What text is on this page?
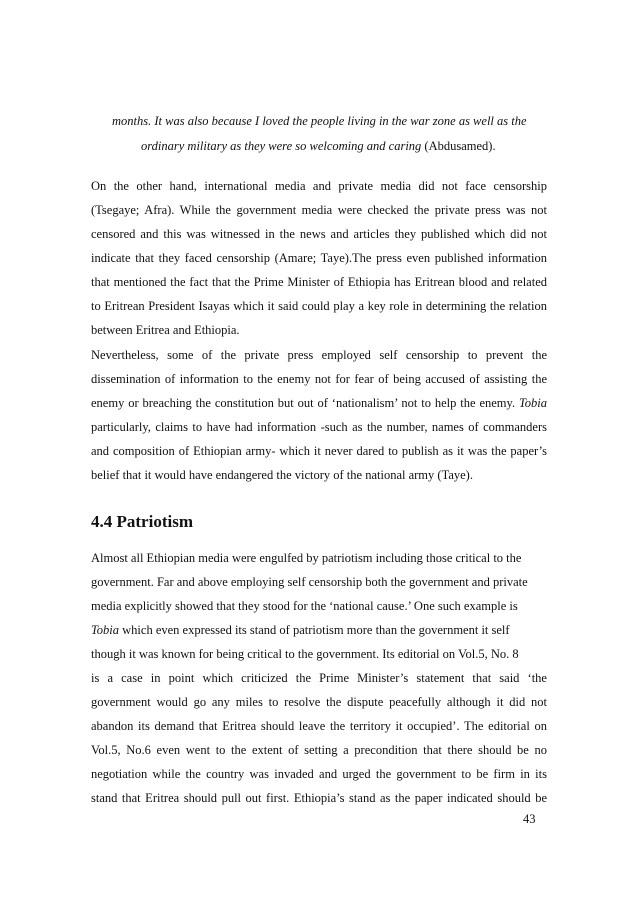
months. It was also because I loved the people living in the war zone as well as the
ordinary military as they were so welcoming and caring (Abdusamed).
On the other hand, international media and private media did not face censorship
(Tsegaye; Afra). While the government media were checked the private press was not
censored and this was witnessed in the news and articles they published which did not
indicate that they faced censorship (Amare; Taye).The press even published information
that mentioned the fact that the Prime Minister of Ethiopia has Eritrean blood and related
to Eritrean President Isayas which it said could play a key role in determining the relation
between Eritrea and Ethiopia.
Nevertheless, some of the private press employed self censorship to prevent the
dissemination of information to the enemy not for fear of being accused of assisting the
enemy or breaching the constitution but out of ‘nationalism’ not to help the enemy. Tobia
particularly, claims to have had information -such as the number, names of commanders
and composition of Ethiopian army- which it never dared to publish as it was the paper’s
belief that it would have endangered the victory of the national army (Taye).
4.4 Patriotism
Almost all Ethiopian media were engulfed by patriotism including those critical to the
government. Far and above employing self censorship both the government and private
media explicitly showed that they stood for the ‘national cause.’ One such example is
Tobia which even expressed its stand of patriotism more than the government it self
though it was known for being critical to the government. Its editorial on Vol.5, No. 8
is a case in point which criticized the Prime Minister’s statement that said ‘the
government would go any miles to resolve the dispute peacefully although it did not
abandon its demand that Eritrea should leave the territory it occupied’. The editorial on
Vol.5, No.6 even went to the extent of setting a precondition that there should be no
negotiation while the country was invaded and urged the government to be firm in its
stand that Eritrea should pull out first. Ethiopia’s stand as the paper indicated should be
43
